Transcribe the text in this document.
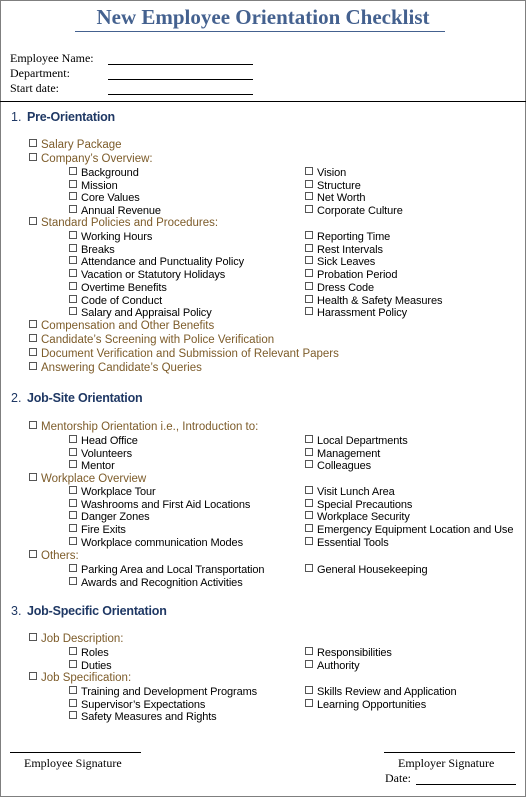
New Employee Orientation Checklist
Employee Name:
Department:
Start date:
1. Pre-Orientation
Salary Package
Company’s Overview:
Background
Mission
Core Values
Annual Revenue
Vision
Structure
Net Worth
Corporate Culture
Standard Policies and Procedures:
Working Hours
Breaks
Attendance and Punctuality Policy
Vacation or Statutory Holidays
Overtime Benefits
Code of Conduct
Salary and Appraisal Policy
Reporting Time
Rest Intervals
Sick Leaves
Probation Period
Dress Code
Health & Safety Measures
Harassment Policy
Compensation and Other Benefits
Candidate’s Screening with Police Verification
Document Verification and Submission of Relevant Papers
Answering Candidate’s Queries
2. Job-Site Orientation
Mentorship Orientation i.e., Introduction to:
Head Office
Volunteers
Mentor
Local Departments
Management
Colleagues
Workplace Overview
Workplace Tour
Washrooms and First Aid Locations
Danger Zones
Fire Exits
Workplace communication Modes
Visit Lunch Area
Special Precautions
Workplace Security
Emergency Equipment Location and Use
Essential Tools
Others:
Parking Area and Local Transportation
Awards and Recognition Activities
General Housekeeping
3. Job-Specific Orientation
Job Description:
Roles
Duties
Responsibilities
Authority
Job Specification:
Training and Development Programs
Supervisor’s Expectations
Safety Measures and Rights
Skills Review and Application
Learning Opportunities
Employee Signature	Employer Signature
Date:
